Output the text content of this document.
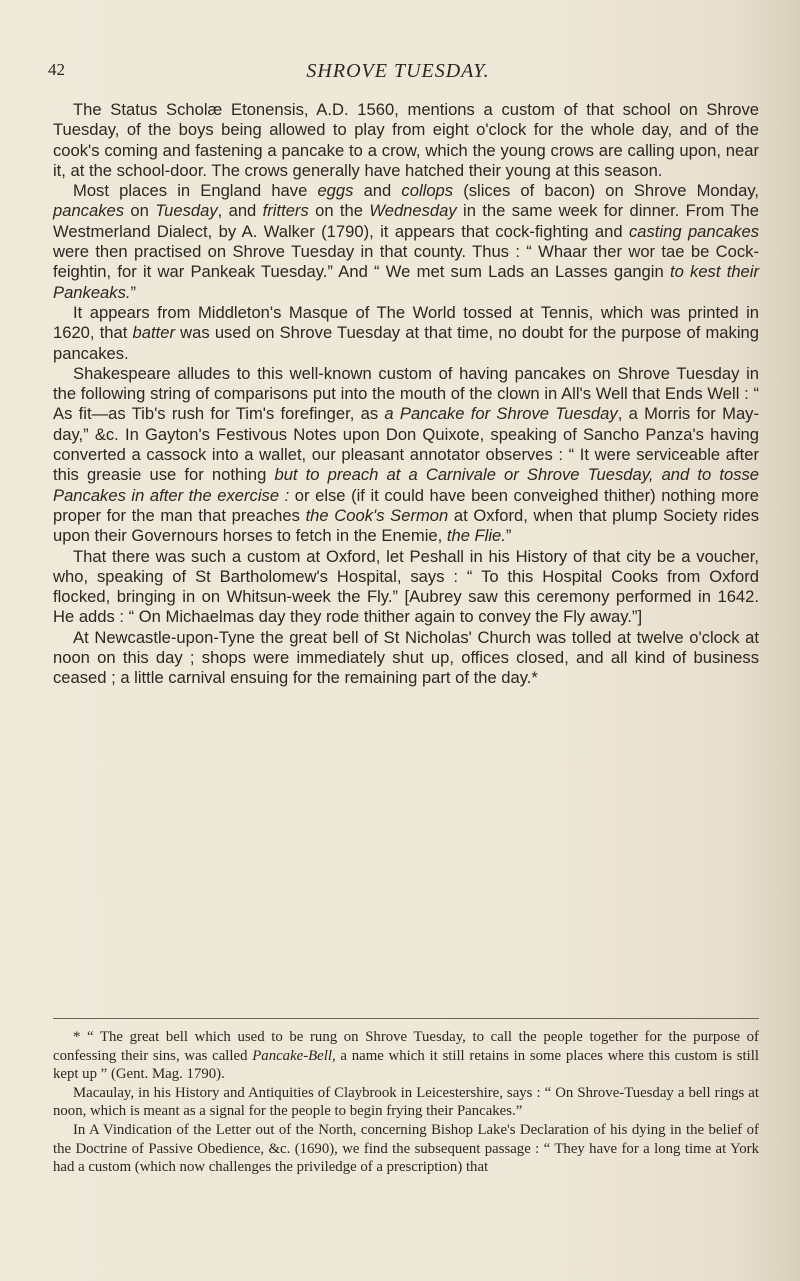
42	SHROVE TUESDAY.

The Status Scholæ Etonensis, A.D. 1560, mentions a custom of that school on Shrove Tuesday, of the boys being allowed to play from eight o'clock for the whole day, and of the cook's coming and fastening a pancake to a crow, which the young crows are calling upon, near it, at the school-door. The crows generally have hatched their young at this season.

Most places in England have eggs and collops (slices of bacon) on Shrove Monday, pancakes on Tuesday, and fritters on the Wednesday in the same week for dinner. From The Westmerland Dialect, by A. Walker (1790), it appears that cock-fighting and casting pancakes were then practised on Shrove Tuesday in that county. Thus : “ Whaar ther wor tae be Cock-feightin, for it war Pankeak Tuesday.” And “ We met sum Lads an Lasses gangin to kest their Pankeaks.”

It appears from Middleton's Masque of The World tossed at Tennis, which was printed in 1620, that batter was used on Shrove Tuesday at that time, no doubt for the purpose of making pancakes.

Shakespeare alludes to this well-known custom of having pancakes on Shrove Tuesday in the following string of comparisons put into the mouth of the clown in All's Well that Ends Well : “ As fit—as Tib's rush for Tim's forefinger, as a Pancake for Shrove Tuesday, a Morris for May-day,” &c. In Gayton's Festivous Notes upon Don Quixote, speaking of Sancho Panza's having converted a cassock into a wallet, our pleasant annotator observes : “ It were serviceable after this greasie use for nothing but to preach at a Carnivale or Shrove Tuesday, and to tosse Pancakes in after the exercise : or else (if it could have been conveighed thither) nothing more proper for the man that preaches the Cook's Sermon at Oxford, when that plump Society rides upon their Governours horses to fetch in the Enemie, the Flie.”

That there was such a custom at Oxford, let Peshall in his History of that city be a voucher, who, speaking of St Bartholomew's Hospital, says : “ To this Hospital Cooks from Oxford flocked, bringing in on Whitsun-week the Fly.” [Aubrey saw this ceremony performed in 1642. He adds : “ On Michaelmas day they rode thither again to convey the Fly away.”]

At Newcastle-upon-Tyne the great bell of St Nicholas' Church was tolled at twelve o'clock at noon on this day ; shops were immediately shut up, offices closed, and all kind of business ceased ; a little carnival ensuing for the remaining part of the day.*

* “ The great bell which used to be rung on Shrove Tuesday, to call the people together for the purpose of confessing their sins, was called Pancake-Bell, a name which it still retains in some places where this custom is still kept up ” (Gent. Mag. 1790).

Macaulay, in his History and Antiquities of Claybrook in Leicestershire, says : “ On Shrove-Tuesday a bell rings at noon, which is meant as a signal for the people to begin frying their Pancakes.”

In A Vindication of the Letter out of the North, concerning Bishop Lake's Declaration of his dying in the belief of the Doctrine of Passive Obedience, &c. (1690), we find the subsequent passage : “ They have for a long time at York had a custom (which now challenges the priviledge of a prescription) that
